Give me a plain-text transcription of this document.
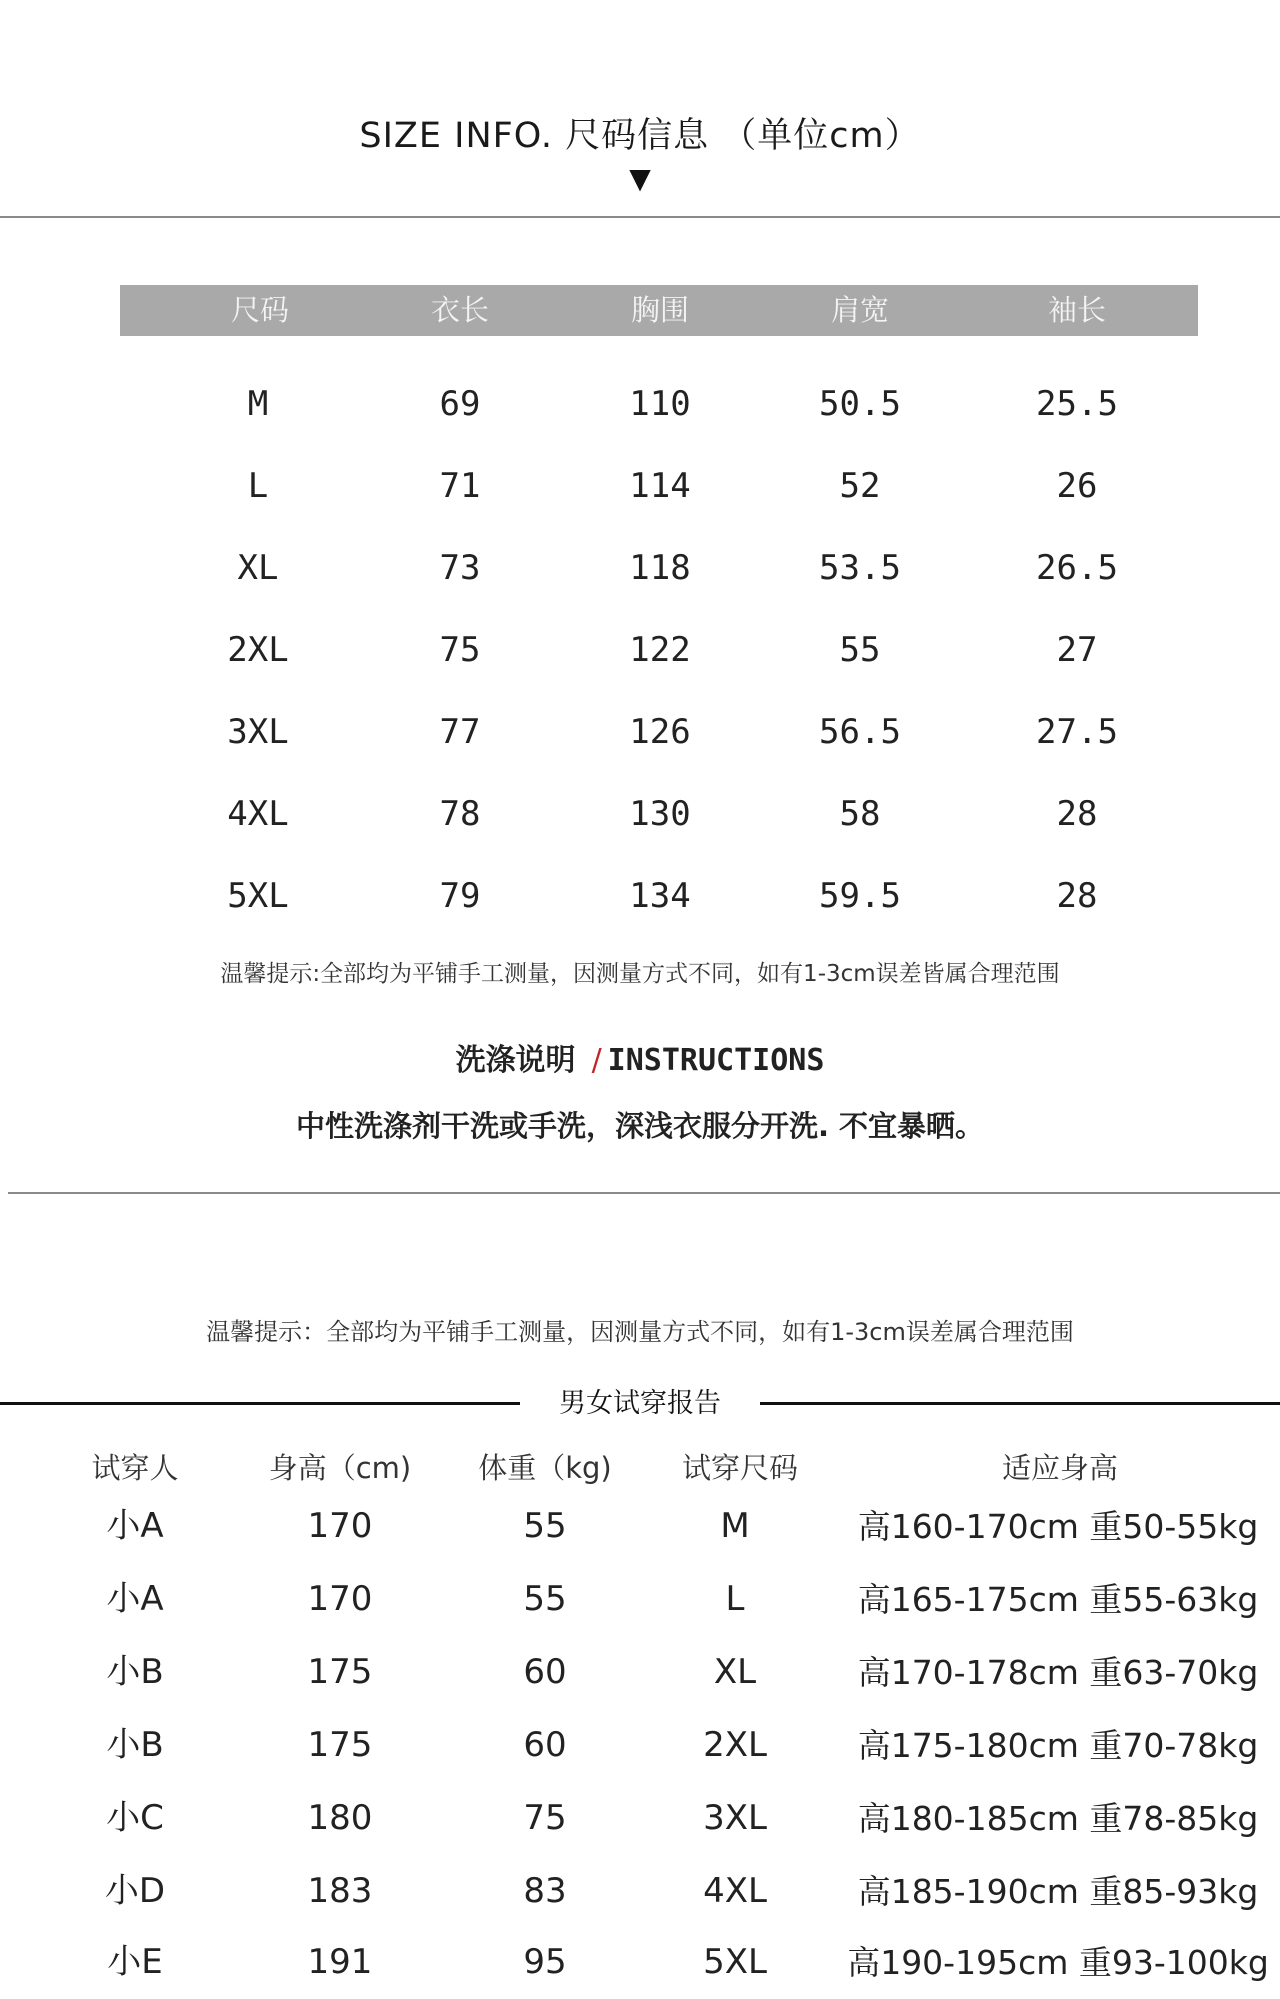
SIZE INFO. 尺码信息 （单位cm）
▼
尺码	衣长	胸围	肩宽	袖长
M	69	110	50.5	25.5
L	71	114	52	26
XL	73	118	53.5	26.5
2XL	75	122	55	27
3XL	77	126	56.5	27.5
4XL	78	130	58	28
5XL	79	134	59.5	28
温馨提示:全部均为平铺手工测量，因测量方式不同，如有1-3cm误差皆属合理范围
洗涤说明 / INSTRUCTIONS
中性洗涤剂干洗或手洗，深浅衣服分开洗. 不宜暴晒。
温馨提示：全部均为平铺手工测量，因测量方式不同，如有1-3cm误差属合理范围
男女试穿报告
试穿人	身高（cm) 体重（kg) 试穿尺码	适应身高
小A	170	55	M	高160-170cm 重50-55kg
小A	170	55	L	高165-175cm 重55-63kg
小B	175	60	XL	高170-178cm 重63-70kg
小B	175	60	2XL	高175-180cm 重70-78kg
小C	180	75	3XL	高180-185cm 重78-85kg
小D	183	83	4XL	高185-190cm 重85-93kg
小E	191	95	5XL 高190-195cm 重93-100kg
